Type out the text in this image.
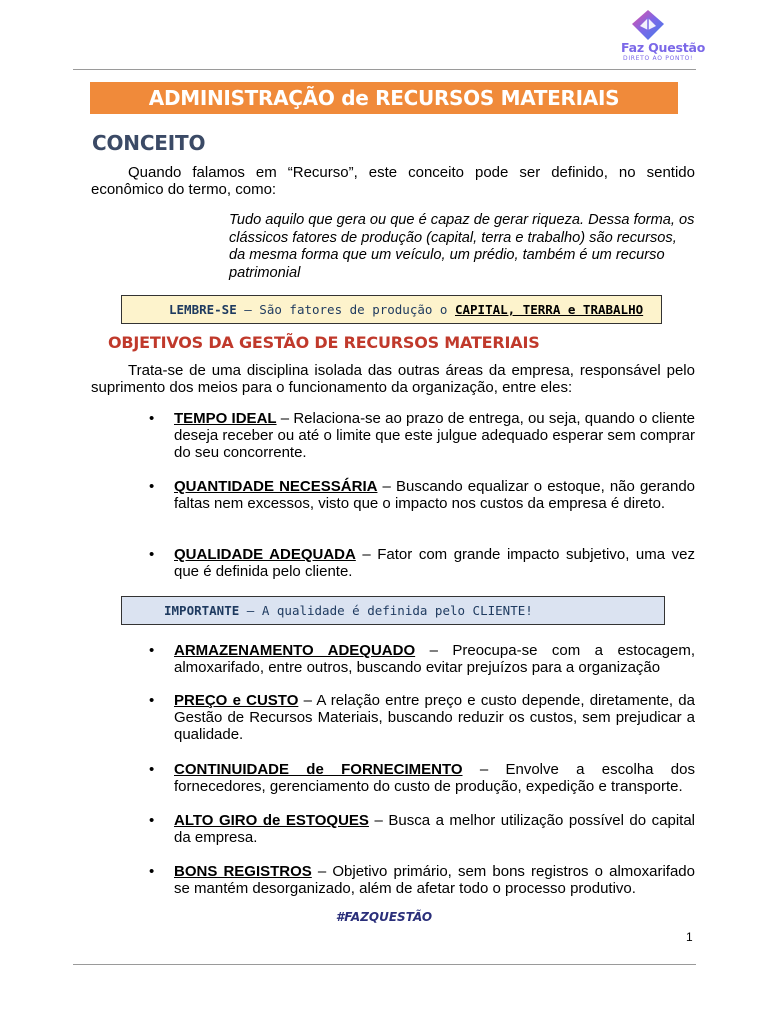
Faz Questão
DIRETO AO PONTO!
ADMINISTRAÇÃO de RECURSOS MATERIAIS
CONCEITO
Quando falamos em “Recurso”, este conceito pode ser definido, no sentido econômico do termo, como:
Tudo aquilo que gera ou que é capaz de gerar riqueza. Dessa forma, os clássicos fatores de produção (capital, terra e trabalho) são recursos, da mesma forma que um veículo, um prédio, também é um recurso patrimonial
LEMBRE-SE – São fatores de produção o CAPITAL, TERRA e TRABALHO
OBJETIVOS DA GESTÃO DE RECURSOS MATERIAIS
Trata-se de uma disciplina isolada das outras áreas da empresa, responsável pelo suprimento dos meios para o funcionamento da organização, entre eles:
• TEMPO IDEAL – Relaciona-se ao prazo de entrega, ou seja, quando o cliente deseja receber ou até o limite que este julgue adequado esperar sem comprar do seu concorrente.
• QUANTIDADE NECESSÁRIA – Buscando equalizar o estoque, não gerando faltas nem excessos, visto que o impacto nos custos da empresa é direto.
• QUALIDADE ADEQUADA – Fator com grande impacto subjetivo, uma vez que é definida pelo cliente.
IMPORTANTE – A qualidade é definida pelo CLIENTE!
• ARMAZENAMENTO ADEQUADO – Preocupa-se com a estocagem, almoxarifado, entre outros, buscando evitar prejuízos para a organização
• PREÇO e CUSTO – A relação entre preço e custo depende, diretamente, da Gestão de Recursos Materiais, buscando reduzir os custos, sem prejudicar a qualidade.
• CONTINUIDADE de FORNECIMENTO – Envolve a escolha dos fornecedores, gerenciamento do custo de produção, expedição e transporte.
• ALTO GIRO de ESTOQUES – Busca a melhor utilização possível do capital da empresa.
• BONS REGISTROS – Objetivo primário, sem bons registros o almoxarifado se mantém desorganizado, além de afetar todo o processo produtivo.
#FAZQUESTÃO
1
